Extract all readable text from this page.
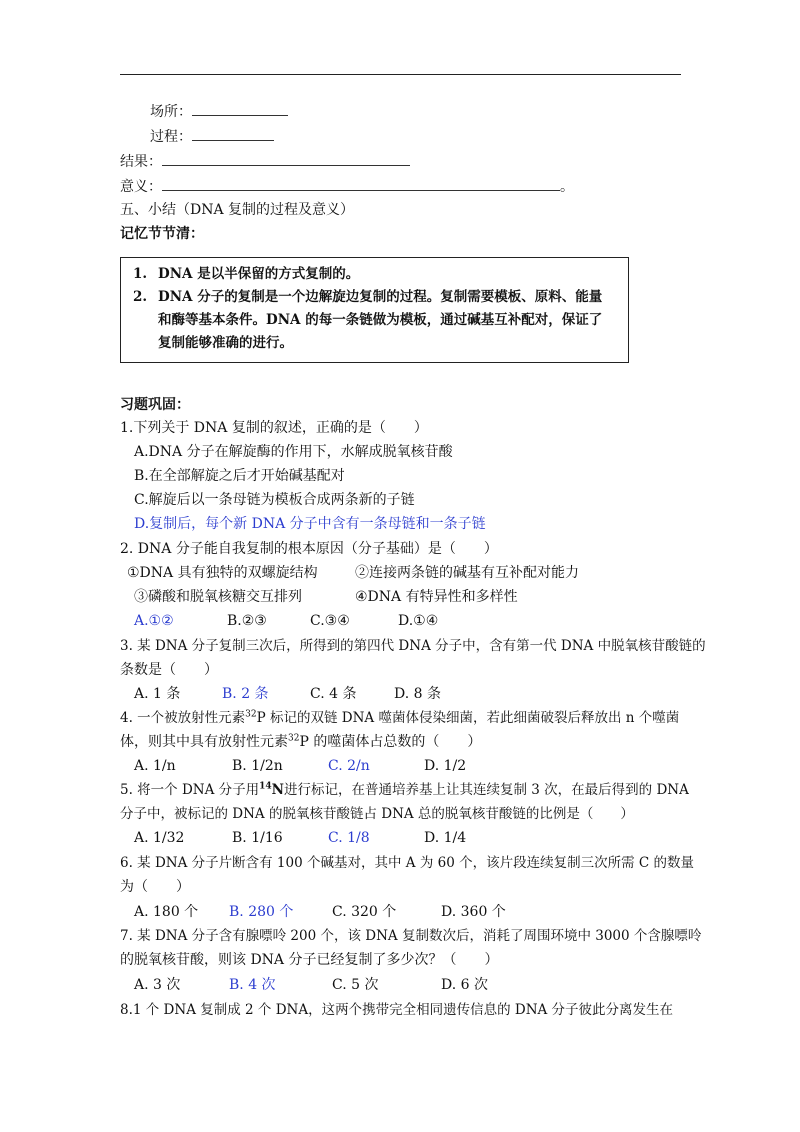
场所：
过程：
结果：
意义：	。
五、小结（DNA 复制的过程及意义）
记忆节节清：
1. DNA 是以半保留的方式复制的。
2. DNA 分子的复制是一个边解旋边复制的过程。复制需要模板、原料、能量
和酶等基本条件。DNA 的每一条链做为模板，通过碱基互补配对，保证了
复制能够准确的进行。
习题巩固：
1.下列关于 DNA 复制的叙述，正确的是（　　）
A.DNA 分子在解旋酶的作用下，水解成脱氧核苷酸
B.在全部解旋之后才开始碱基配对
C.解旋后以一条母链为模板合成两条新的子链
D.复制后，每个新 DNA 分子中含有一条母链和一条子链
2. DNA 分子能自我复制的根本原因（分子基础）是（　　）
①DNA 具有独特的双螺旋结构	②连接两条链的碱基有互补配对能力
③磷酸和脱氧核糖交互排列	④DNA 有特异性和多样性
A.①②	B.②③	C.③④	D.①④
3. 某 DNA 分子复制三次后，所得到的第四代 DNA 分子中，含有第一代 DNA 中脱氧核苷酸链的
条数是（　　）
A. 1 条	B. 2 条	C. 4 条	D. 8 条
4. 一个被放射性元素$^{32}$P 标记的双链 DNA 噬菌体侵染细菌，若此细菌破裂后释放出 n 个噬菌
体，则其中具有放射性元素$^{32}$P 的噬菌体占总数的（　　）
A. 1/n	B. 1/2n	C. 2/n	D. 1/2
5. 将一个 DNA 分子用$^{14}$N进行标记，在普通培养基上让其连续复制 3 次，在最后得到的 DNA
分子中，被标记的 DNA 的脱氧核苷酸链占 DNA 总的脱氧核苷酸链的比例是（　　）
A. 1/32	B. 1/16	C. 1/8	D. 1/4
6. 某 DNA 分子片断含有 100 个碱基对，其中 A 为 60 个，该片段连续复制三次所需 C 的数量
为（　　）
A. 180 个 B. 280 个	C. 320 个	D. 360 个
7. 某 DNA 分子含有腺嘌呤 200 个，该 DNA 复制数次后，消耗了周围环境中 3000 个含腺嘌呤
的脱氧核苷酸，则该 DNA 分子已经复制了多少次？（　　）
A. 3 次	B. 4 次	C. 5 次	D. 6 次
8.1 个 DNA 复制成 2 个 DNA，这两个携带完全相同遗传信息的 DNA 分子彼此分离发生在
